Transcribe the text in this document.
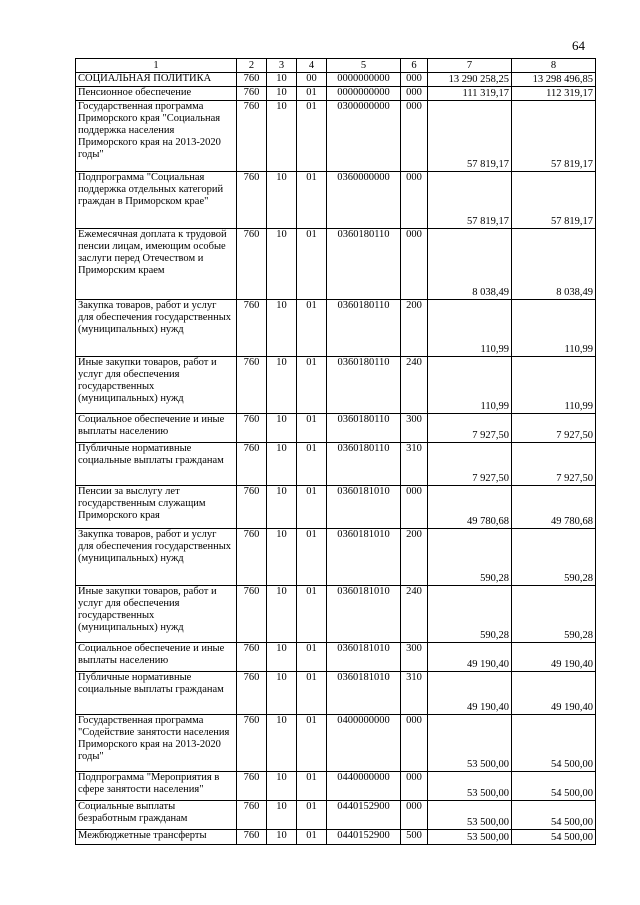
64
1	2	3	4	5	6	7	8
СОЦИАЛЬНАЯ ПОЛИТИКА	760	10	00	0000000000	000	13 290 258,25	13 298 496,85
Пенсионное обеспечение	760	10	01	0000000000	000	111 319,17	112 319,17
Государственная программа Приморского края "Социальная поддержка населения Приморского края на 2013-2020 годы"	760	10	01	0300000000	000	57 819,17	57 819,17
Подпрограмма "Социальная поддержка отдельных категорий граждан в Приморском крае"	760	10	01	0360000000	000	57 819,17	57 819,17
Ежемесячная доплата к трудовой пенсии лицам, имеющим особые заслуги перед Отечеством и Приморским краем	760	10	01	0360180110	000	8 038,49	8 038,49
Закупка товаров, работ и услуг для обеспечения государственных (муниципальных) нужд	760	10	01	0360180110	200	110,99	110,99
Иные закупки товаров, работ и услуг для обеспечения государственных (муниципальных) нужд	760	10	01	0360180110	240	110,99	110,99
Социальное обеспечение и иные выплаты населению	760	10	01	0360180110	300	7 927,50	7 927,50
Публичные нормативные социальные выплаты гражданам	760	10	01	0360180110	310	7 927,50	7 927,50
Пенсии за выслугу лет государственным служащим Приморского края	760	10	01	0360181010	000	49 780,68	49 780,68
Закупка товаров, работ и услуг для обеспечения государственных (муниципальных) нужд	760	10	01	0360181010	200	590,28	590,28
Иные закупки товаров, работ и услуг для обеспечения государственных (муниципальных) нужд	760	10	01	0360181010	240	590,28	590,28
Социальное обеспечение и иные выплаты населению	760	10	01	0360181010	300	49 190,40	49 190,40
Публичные нормативные социальные выплаты гражданам	760	10	01	0360181010	310	49 190,40	49 190,40
Государственная программа "Содействие занятости населения Приморского края на 2013-2020 годы"	760	10	01	0400000000	000	53 500,00	54 500,00
Подпрограмма "Мероприятия в сфере занятости населения"	760	10	01	0440000000	000	53 500,00	54 500,00
Социальные выплаты безработным гражданам	760	10	01	0440152900	000	53 500,00	54 500,00
Межбюджетные трансферты	760	10	01	0440152900	500	53 500,00	54 500,00
